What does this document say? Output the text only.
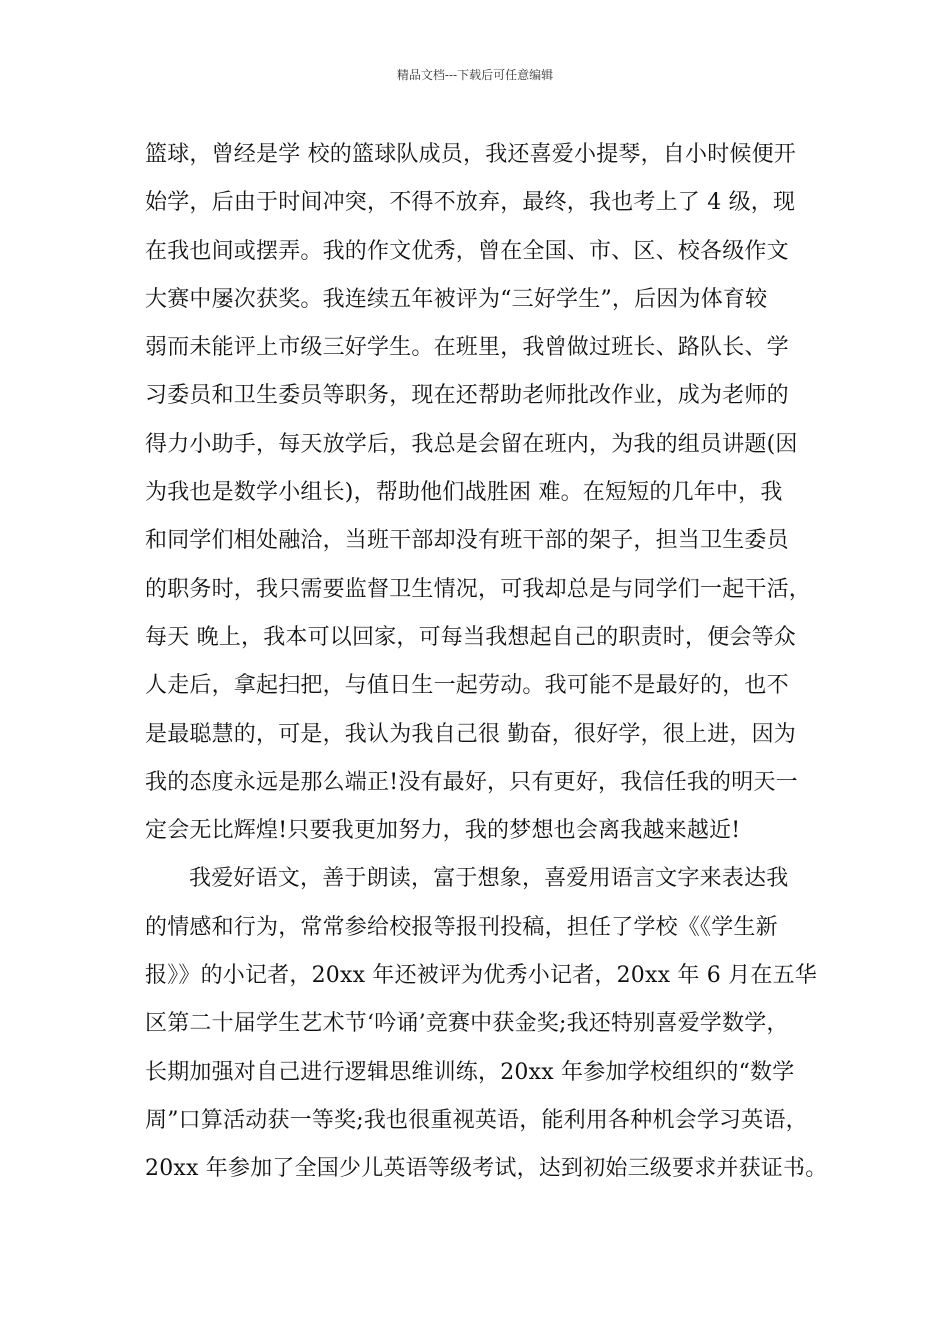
精品文档---下载后可任意编辑
篮球，曾经是学 校的篮球队成员，我还喜爱小提琴，自小时候便开
始学，后由于时间冲突，不得不放弃，最终，我也考上了 4 级，现
在我也间或摆弄。我的作文优秀，曾在全国、市、区、校各级作文
大赛中屡次获奖。我连续五年被评为“三好学生”，后因为体育较
弱而未能评上市级三好学生。在班里，我曾做过班长、路队长、学
习委员和卫生委员等职务，现在还帮助老师批改作业，成为老师的
得力小助手，每天放学后，我总是会留在班内，为我的组员讲题(因
为我也是数学小组长)，帮助他们战胜困 难。在短短的几年中，我
和同学们相处融洽，当班干部却没有班干部的架子，担当卫生委员
的职务时，我只需要监督卫生情况，可我却总是与同学们一起干活，
每天 晚上，我本可以回家，可每当我想起自己的职责时，便会等众
人走后，拿起扫把，与值日生一起劳动。我可能不是最好的，也不
是最聪慧的，可是，我认为我自己很 勤奋，很好学，很上进，因为
我的态度永远是那么端正!没有最好，只有更好，我信任我的明天一
定会无比辉煌!只要我更加努力，我的梦想也会离我越来越近!
我爱好语文，善于朗读，富于想象，喜爱用语言文字来表达我
的情感和行为，常常参给校报等报刊投稿，担任了学校《《学生新
报》》的小记者，20xx 年还被评为优秀小记者，20xx 年 6 月在五华
区第二十届学生艺术节‘吟诵’竞赛中获金奖;我还特别喜爱学数学，
长期加强对自己进行逻辑思维训练，20xx 年参加学校组织的“数学
周”口算活动获一等奖;我也很重视英语，能利用各种机会学习英语，
20xx 年参加了全国少儿英语等级考试，达到初始三级要求并获证书。
